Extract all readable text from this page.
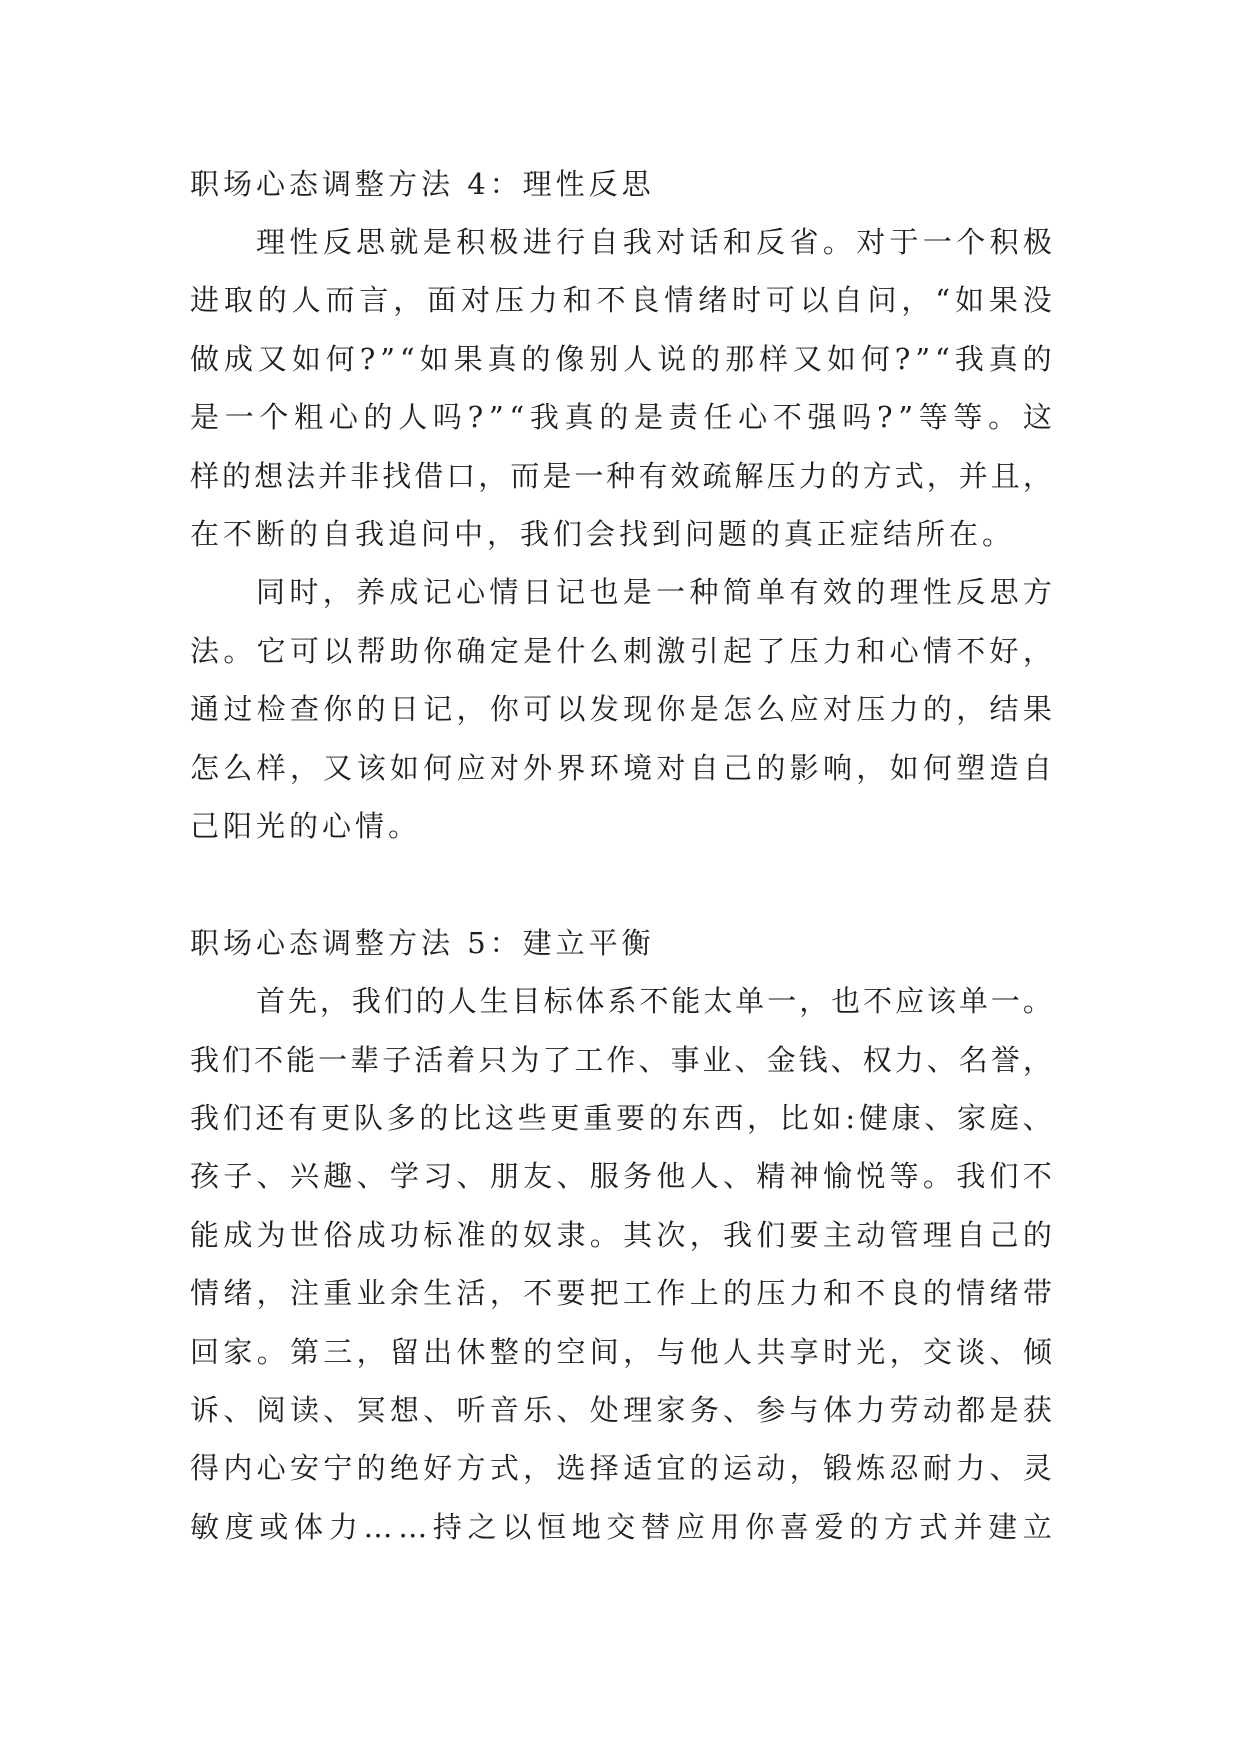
职场心态调整方法 4：理性反思
理 性 反 思 就 是 积 极 进 行 自 我 对 话 和 反 省 。 对 于 一 个 积 极
进 取 的 人 而 言 ， 面 对 压 力 和 不 良 情 绪 时 可 以 自 问 ， “ 如 果 没
做 成 又 如 何 ? ” “ 如 果 真 的 像 别 人 说 的 那 样 又 如 何 ? ” “ 我 真 的
是 一 个 粗 心 的 人 吗 ? ” “ 我 真 的 是 责 任 心 不 强 吗 ? ” 等 等 。 这
样 的 想 法 并 非 找 借 口 ， 而 是 一 种 有 效 疏 解 压 力 的 方 式 ， 并 且 ，
在不断的自我追问中，我们会找到问题的真正症结所在。
同 时 ， 养 成 记 心 情 日 记 也 是 一 种 简 单 有 效 的 理 性 反 思 方
法 。 它 可 以 帮 助 你 确 定 是 什 么 刺 激 引 起 了 压 力 和 心 情 不 好 ，
通 过 检 查 你 的 日 记 ， 你 可 以 发 现 你 是 怎 么 应 对 压 力 的 ， 结 果
怎 么 样 ， 又 该 如 何 应 对 外 界 环 境 对 自 己 的 影 响 ， 如 何 塑 造 自
己阳光的心情。
职场心态调整方法 5：建立平衡
首 先 ， 我 们 的 人 生 目 标 体 系 不 能 太 单 一 ， 也 不 应 该 单 一 。
我 们 不 能 一 辈 子 活 着 只 为 了 工 作 、 事 业 、 金 钱 、 权 力 、 名 誉 ，
我 们 还 有 更 队 多 的 比 这 些 更 重 要 的 东 西 ， 比 如 : 健 康 、 家 庭 、
孩 子 、 兴 趣 、 学 习 、 朋 友 、 服 务 他 人 、 精 神 愉 悦 等 。 我 们 不
能 成 为 世 俗 成 功 标 准 的 奴 隶 。 其 次 ， 我 们 要 主 动 管 理 自 己 的
情 绪 ， 注 重 业 余 生 活 ， 不 要 把 工 作 上 的 压 力 和 不 良 的 情 绪 带
回 家 。 第 三 ， 留 出 休 整 的 空 间 ， 与 他 人 共 享 时 光 ， 交 谈 、 倾
诉 、 阅 读 、 冥 想 、 听 音 乐 、 处 理 家 务 、 参 与 体 力 劳 动 都 是 获
得 内 心 安 宁 的 绝 好 方 式 ， 选 择 适 宜 的 运 动 ， 锻 炼 忍 耐 力 、 灵
敏 度 或 体 力 … … 持 之 以 恒 地 交 替 应 用 你 喜 爱 的 方 式 并 建 立
